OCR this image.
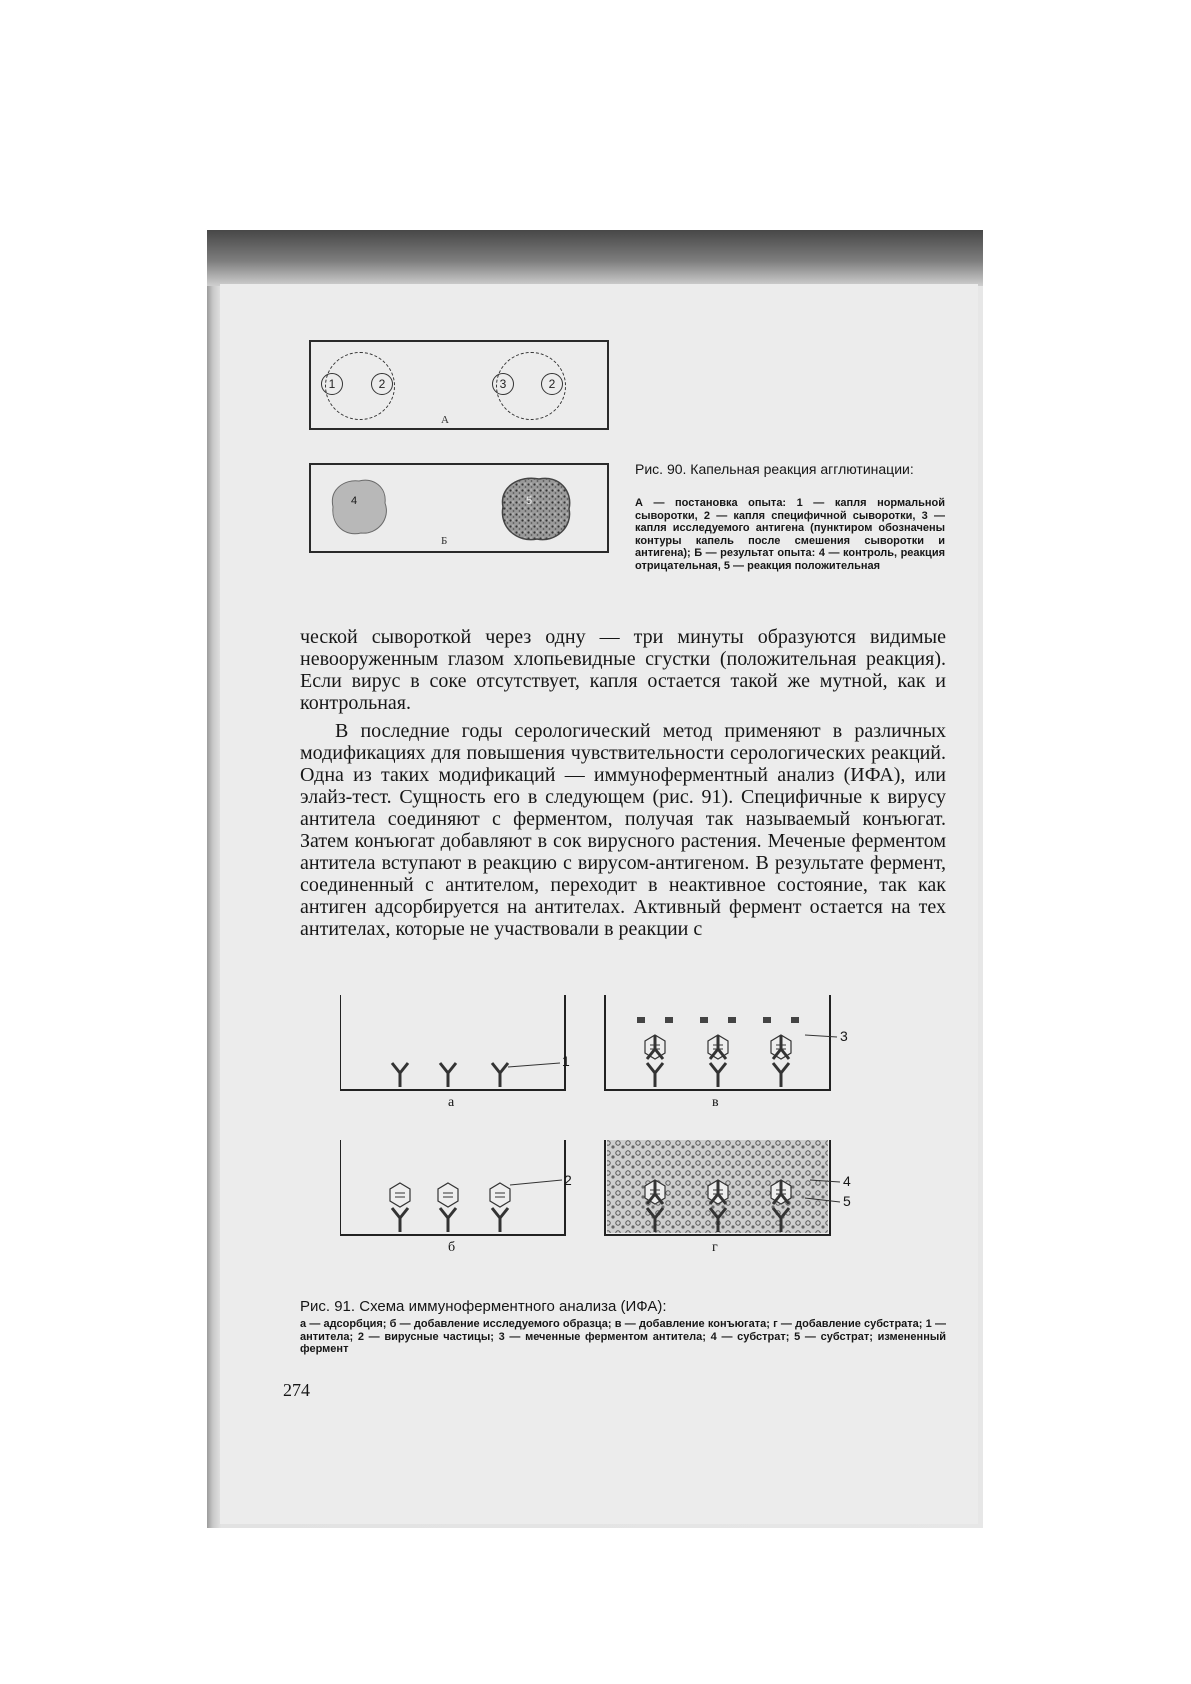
1	2	3	2
А
4	5
Б
Рис. 90. Капельная реакция агглютинации:
А — постановка опыта: 1 — капля нормальной сыворотки, 2 — капля специфичной сыворотки, 3 — капля исследуемого антигена (пунктиром обозначены контуры капель после смешения сыворотки и антигена); Б — результат опыта: 4 — контроль, реакция отрицательная, 5 — реакция положительная
ческой сывороткой через одну — три минуты образуются видимые невооруженным глазом хлопьевидные сгустки (положительная реакция). Если вирус в соке отсутствует, капля остается такой же мутной, как и контрольная.
В последние годы серологический метод применяют в различных модификациях для повышения чувствительности серологических реакций. Одна из таких модификаций — иммуноферментный анализ (ИФА), или элайз-тест. Сущность его в следующем (рис. 91). Специфичные к вирусу антитела соединяют с ферментом, получая так называемый конъюгат. Затем конъюгат добавляют в сок вирусного растения. Меченые ферментом антитела вступают в реакцию с вирусом-антигеном. В результате фермент, соединенный с антителом, переходит в неактивное состояние, так как антиген адсорбируется на антителах. Активный фермент остается на тех антителах, которые не участвовали в реакции с
а	в
б	г
1
2
3
4
5
Рис. 91. Схема иммуноферментного анализа (ИФА):
а — адсорбция; б — добавление исследуемого образца; в — добавление конъюгата; г — добавление субстрата; 1 — антитела; 2 — вирусные частицы; 3 — меченные ферментом антитела; 4 — субстрат; 5 — субстрат; измененный фермент
274
